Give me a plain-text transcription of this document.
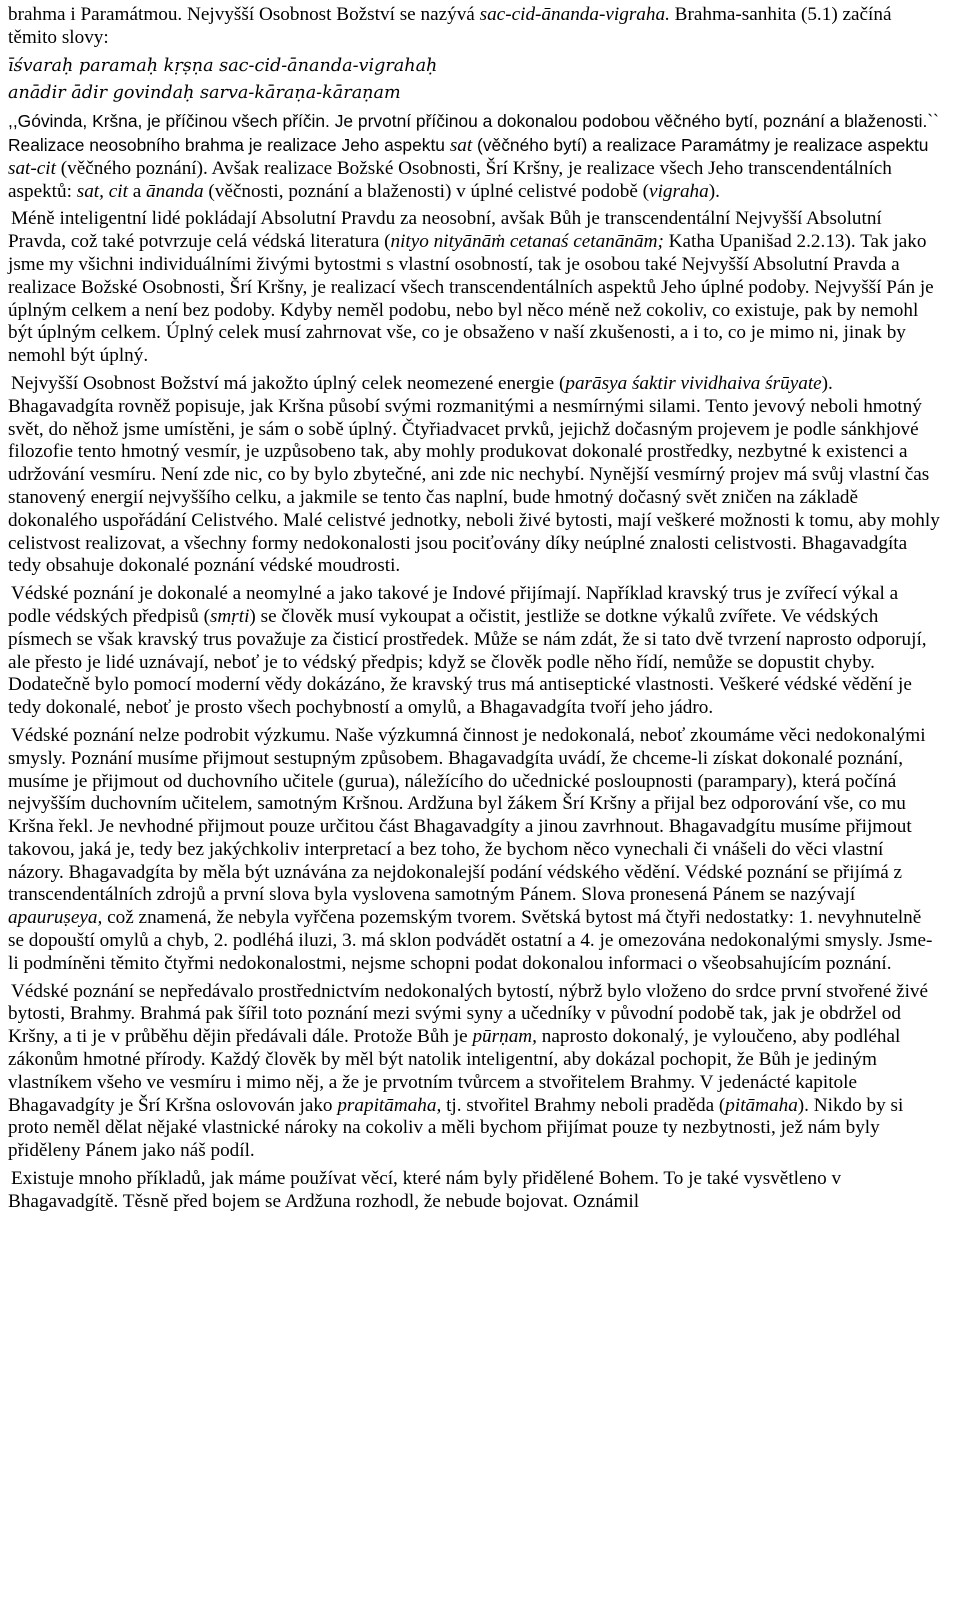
brahma i Paramátmou. Nejvyšší Osobnost Božství se nazývá sac-cid-ānanda-vigraha. Brahma-sanhita (5.1) začíná těmito slovy:

īśvaraḥ paramaḥ kṛṣṇa sac-cid-ānanda-vigrahaḥ

anādir ādir govindaḥ sarva-kāraṇa-kāraṇam

,,Góvinda, Kršna, je příčinou všech příčin. Je prvotní příčinou a dokonalou podobou věčného bytí, poznání a blaženosti.`` Realizace neosobního brahma je realizace Jeho aspektu sat (věčného bytí) a realizace Paramátmy je realizace aspektu sat-cit (věčného poznání). Avšak realizace Božské Osobnosti, Šrí Kršny, je realizace všech Jeho transcendentálních aspektů: sat, cit a ānanda (věčnosti, poznání a blaženosti) v úplné celistvé podobě (vigraha).

Méně inteligentní lidé pokládají Absolutní Pravdu za neosobní, avšak Bůh je transcendentální Nejvyšší Absolutní Pravda, což také potvrzuje celá védská literatura (nityo nityānāṁ cetanaś cetanānām; Katha Upanišad 2.2.13). Tak jako jsme my všichni individuálními živými bytostmi s vlastní osobností, tak je osobou také Nejvyšší Absolutní Pravda a realizace Božské Osobnosti, Šrí Kršny, je realizací všech transcendentálních aspektů Jeho úplné podoby. Nejvyšší Pán je úplným celkem a není bez podoby. Kdyby neměl podobu, nebo byl něco méně než cokoliv, co existuje, pak by nemohl být úplným celkem. Úplný celek musí zahrnovat vše, co je obsaženo v naší zkušenosti, a i to, co je mimo ni, jinak by nemohl být úplný.

Nejvyšší Osobnost Božství má jakožto úplný celek neomezené energie (parāsya śaktir vividhaiva śrūyate). Bhagavadgíta rovněž popisuje, jak Kršna působí svými rozmanitými a nesmírnými silami. Tento jevový neboli hmotný svět, do něhož jsme umístěni, je sám o sobě úplný. Čtyřiadvacet prvků, jejichž dočasným projevem je podle sánkhjové filozofie tento hmotný vesmír, je uzpůsobeno tak, aby mohly produkovat dokonalé prostředky, nezbytné k existenci a udržování vesmíru. Není zde nic, co by bylo zbytečné, ani zde nic nechybí. Nynější vesmírný projev má svůj vlastní čas stanovený energií nejvyššího celku, a jakmile se tento čas naplní, bude hmotný dočasný svět zničen na základě dokonalého uspořádání Celistvého. Malé celistvé jednotky, neboli živé bytosti, mají veškeré možnosti k tomu, aby mohly celistvost realizovat, a všechny formy nedokonalosti jsou pociťovány díky neúplné znalosti celistvosti. Bhagavadgíta tedy obsahuje dokonalé poznání védské moudrosti.

Védské poznání je dokonalé a neomylné a jako takové je Indové přijímají. Například kravský trus je zvířecí výkal a podle védských předpisů (smṛti) se člověk musí vykoupat a očistit, jestliže se dotkne výkalů zvířete. Ve védských písmech se však kravský trus považuje za čisticí prostředek. Může se nám zdát, že si tato dvě tvrzení naprosto odporují, ale přesto je lidé uznávají, neboť je to védský předpis; když se člověk podle něho řídí, nemůže se dopustit chyby. Dodatečně bylo pomocí moderní vědy dokázáno, že kravský trus má antiseptické vlastnosti. Veškeré védské vědění je tedy dokonalé, neboť je prosto všech pochybností a omylů, a Bhagavadgíta tvoří jeho jádro.

Védské poznání nelze podrobit výzkumu. Naše výzkumná činnost je nedokonalá, neboť zkoumáme věci nedokonalými smysly. Poznání musíme přijmout sestupným způsobem. Bhagavadgíta uvádí, že chceme-li získat dokonalé poznání, musíme je přijmout od duchovního učitele (gurua), náležícího do učednické posloupnosti (paramparу), která počíná nejvyšším duchovním učitelem, samotným Kršnou. Ardžuna byl žákem Šrí Kršny a přijal bez odporování vše, co mu Kršna řekl. Je nevhodné přijmout pouze určitou část Bhagavadgíty a jinou zavrhnout. Bhagavadgítu musíme přijmout takovou, jaká je, tedy bez jakýchkoliv interpretací a bez toho, že bychom něco vynechali či vnášeli do věci vlastní názory. Bhagavadgíta by měla být uznávána za nejdokonalejší podání védského vědění. Védské poznání se přijímá z transcendentálních zdrojů a první slova byla vyslovena samotným Pánem. Slova pronesená Pánem se nazývají apauruṣeya, což znamená, že nebyla vyřčena pozemským tvorem. Světská bytost má čtyři nedostatky: 1. nevyhnutelně se dopouští omylů a chyb, 2. podléhá iluzi, 3. má sklon podvádět ostatní a 4. je omezována nedokonalými smysly. Jsme-li podmíněni těmito čtyřmi nedokonalostmi, nejsme schopni podat dokonalou informaci o všeobsahujícím poznání.

Védské poznání se nepředávalo prostřednictvím nedokonalých bytostí, nýbrž bylo vloženo do srdce první stvořené živé bytosti, Brahmy. Brahmá pak šířil toto poznání mezi svými syny a učedníky v původní podobě tak, jak je obdržel od Kršny, a ti je v průběhu dějin předávali dále. Protože Bůh je pūrṇam, naprosto dokonalý, je vyloučeno, aby podléhal zákonům hmotné přírody. Každý člověk by měl být natolik inteligentní, aby dokázal pochopit, že Bůh je jediným vlastníkem všeho ve vesmíru i mimo něj, a že je prvotním tvůrcem a stvořitelem Brahmy. V jedenácté kapitole Bhagavadgíty je Šrí Kršna oslovován jako prapitāmaha, tj. stvořitel Brahmy neboli praděda (pitāmaha). Nikdo by si proto neměl dělat nějaké vlastnické nároky na cokoliv a měli bychom přijímat pouze ty nezbytnosti, jež nám byly přiděleny Pánem jako náš podíl.

Existuje mnoho příkladů, jak máme používat věcí, které nám byly přidělené Bohem. To je také vysvětleno v Bhagavadgítě. Těsně před bojem se Ardžuna rozhodl, že nebude bojovat. Oznámil
